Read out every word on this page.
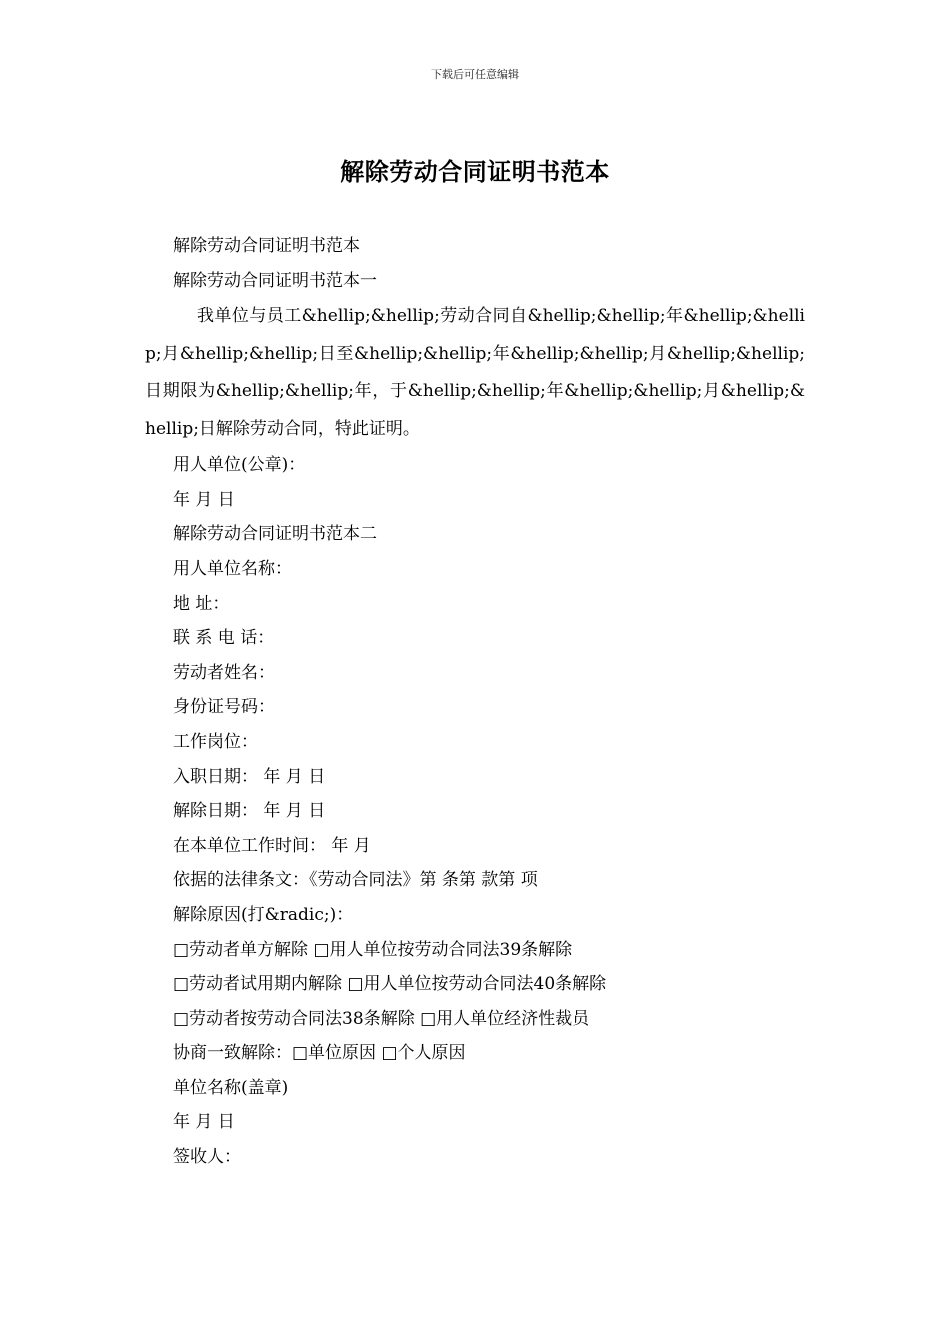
下载后可任意编辑
解除劳动合同证明书范本
解除劳动合同证明书范本
解除劳动合同证明书范本一

我单位与员工&hellip;&hellip;劳动合同自&hellip;&hellip;年&hellip;&hellip;月&hellip;&hellip;日至&hellip;&hellip;年&hellip;&hellip;月&hellip;&hellip;日期限为&hellip;&hellip;年，于&hellip;&hellip;年&hellip;&hellip;月&hellip;&hellip;日解除劳动合同，特此证明。

用人单位(公章)：
年 月 日
解除劳动合同证明书范本二
用人单位名称：
地 址：
联 系 电 话：
劳动者姓名：
身份证号码：
工作岗位：
入职日期： 年 月 日
解除日期： 年 月 日
在本单位工作时间： 年 月
依据的法律条文：《劳动合同法》第 条第 款第 项
解除原因(打&radic;)：
□劳动者单方解除 □用人单位按劳动合同法39条解除
□劳动者试用期内解除 □用人单位按劳动合同法40条解除
□劳动者按劳动合同法38条解除 □用人单位经济性裁员
协商一致解除：□单位原因 □个人原因
单位名称(盖章)
年 月 日
签收人：
